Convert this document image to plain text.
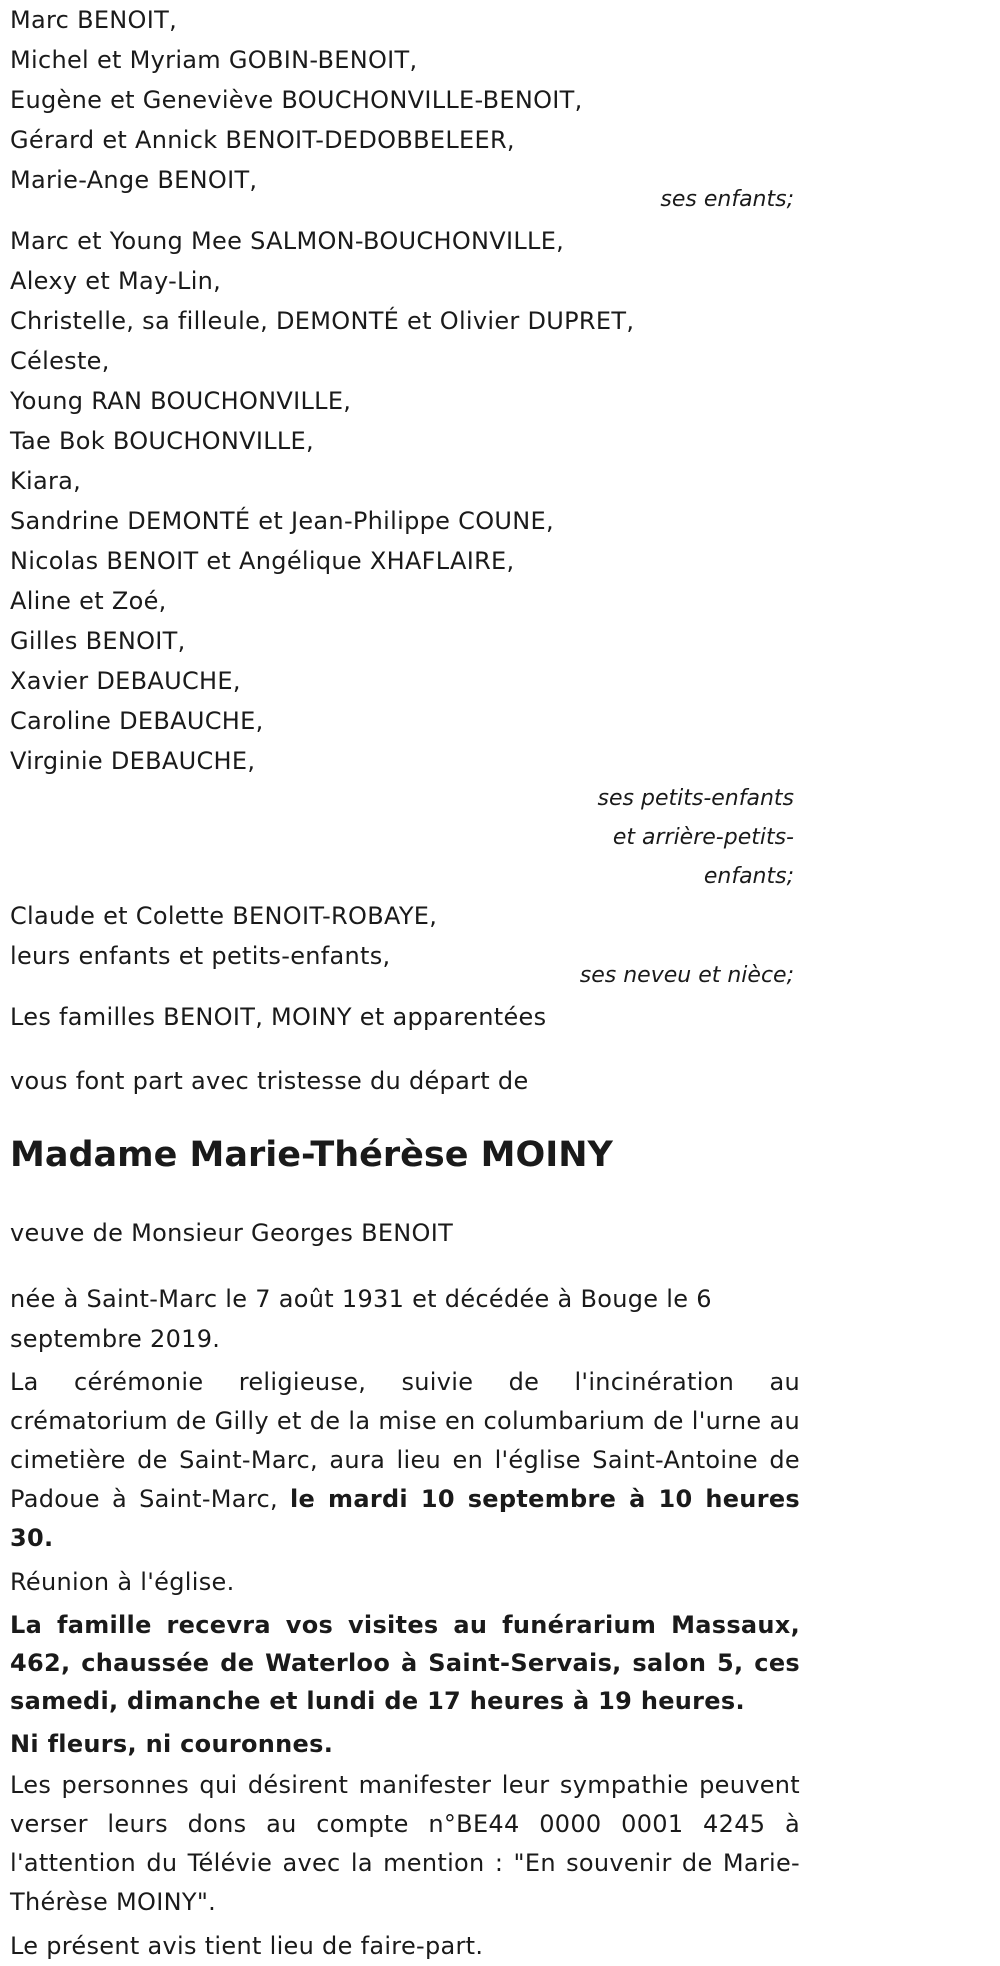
Marc BENOIT,
Michel et Myriam GOBIN-BENOIT,
Eugène et Geneviève BOUCHONVILLE-BENOIT,
Gérard et Annick BENOIT-DEDOBBELEER,
Marie-Ange BENOIT,
ses enfants;
Marc et Young Mee SALMON-BOUCHONVILLE,
Alexy et May-Lin,
Christelle, sa filleule, DEMONTÉ et Olivier DUPRET,
Céleste,
Young RAN BOUCHONVILLE,
Tae Bok BOUCHONVILLE,
Kiara,
Sandrine DEMONTÉ et Jean-Philippe COUNE,
Nicolas BENOIT et Angélique XHAFLAIRE,
Aline et Zoé,
Gilles BENOIT,
Xavier DEBAUCHE,
Caroline DEBAUCHE,
Virginie DEBAUCHE,
ses petits-enfants
et arrière-petits-
enfants;
Claude et Colette BENOIT-ROBAYE,
leurs enfants et petits-enfants,
ses neveu et nièce;
Les familles BENOIT, MOINY et apparentées
vous font part avec tristesse du départ de
Madame Marie-Thérèse MOINY
veuve de Monsieur Georges BENOIT
née à Saint-Marc le 7 août 1931 et décédée à Bouge le 6 septembre 2019.
La cérémonie religieuse, suivie de l'incinération au crématorium de Gilly et de la mise en columbarium de l'urne au cimetière de Saint-Marc, aura lieu en l'église Saint-Antoine de Padoue à Saint-Marc, le mardi 10 septembre à 10 heures 30.
Réunion à l'église.
La famille recevra vos visites au funérarium Massaux, 462, chaussée de Waterloo à Saint-Servais, salon 5, ces samedi, dimanche et lundi de 17 heures à 19 heures.
Ni fleurs, ni couronnes.
Les personnes qui désirent manifester leur sympathie peuvent verser leurs dons au compte n°BE44 0000 0001 4245 à l'attention du Télévie avec la mention : "En souvenir de Marie-Thérèse MOINY".
Le présent avis tient lieu de faire-part.
